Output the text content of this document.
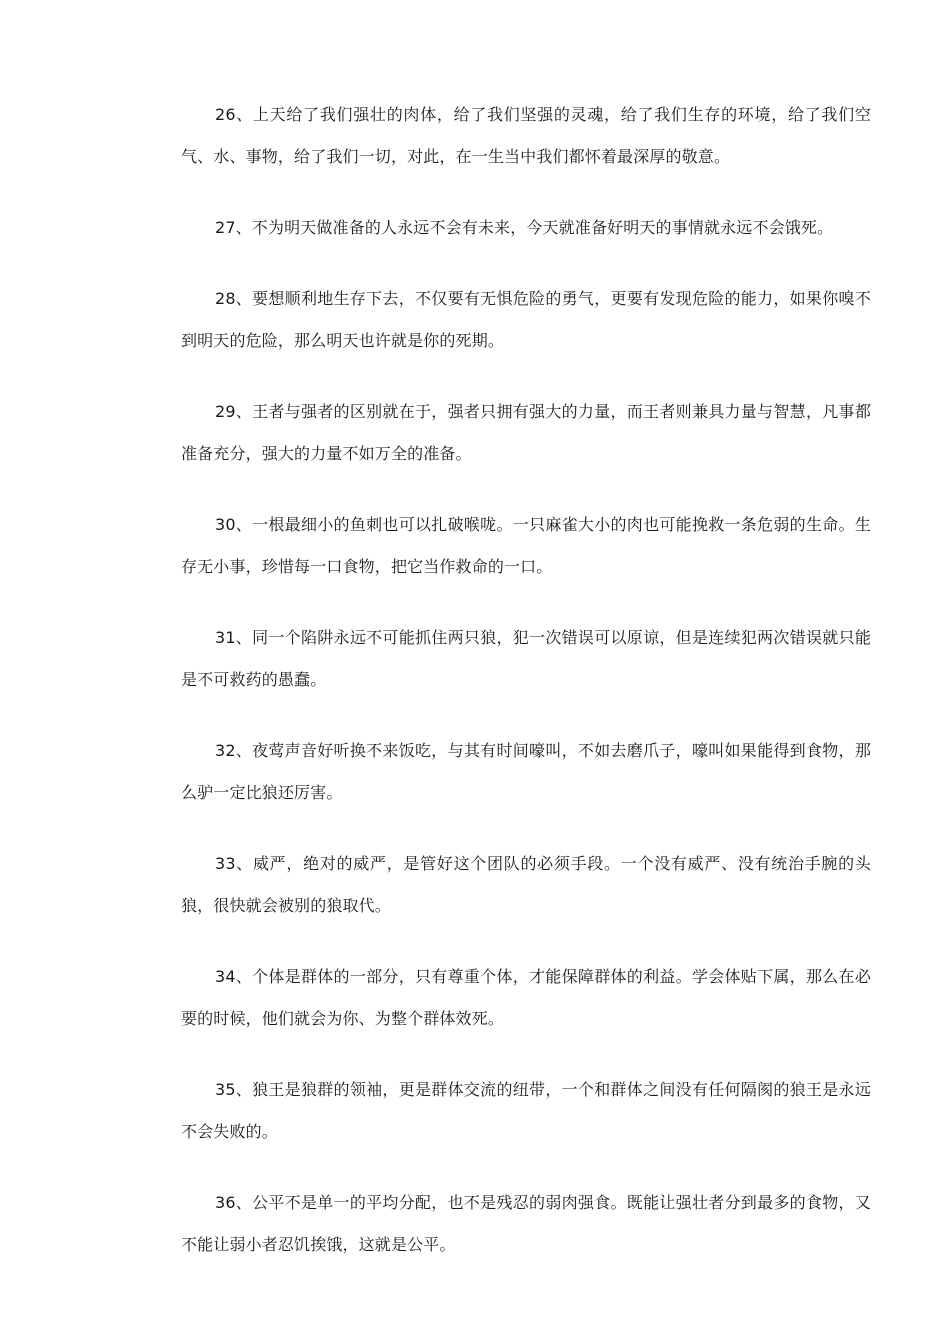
26、上天给了我们强壮的肉体，给了我们坚强的灵魂，给了我们生存的环境，给了我们空气、水、事物，给了我们一切，对此，在一生当中我们都怀着最深厚的敬意。

27、不为明天做准备的人永远不会有未来，今天就准备好明天的事情就永远不会饿死。

28、要想顺利地生存下去，不仅要有无惧危险的勇气，更要有发现危险的能力，如果你嗅不到明天的危险，那么明天也许就是你的死期。

29、王者与强者的区别就在于，强者只拥有强大的力量，而王者则兼具力量与智慧，凡事都准备充分，强大的力量不如万全的准备。

30、一根最细小的鱼刺也可以扎破喉咙。一只麻雀大小的肉也可能挽救一条危弱的生命。生存无小事，珍惜每一口食物，把它当作救命的一口。

31、同一个陷阱永远不可能抓住两只狼，犯一次错误可以原谅，但是连续犯两次错误就只能是不可救药的愚蠢。

32、夜莺声音好听换不来饭吃，与其有时间嚎叫，不如去磨爪子，嚎叫如果能得到食物，那么驴一定比狼还厉害。

33、威严，绝对的威严，是管好这个团队的必须手段。一个没有威严、没有统治手腕的头狼，很快就会被别的狼取代。

34、个体是群体的一部分，只有尊重个体，才能保障群体的利益。学会体贴下属，那么在必要的时候，他们就会为你、为整个群体效死。

35、狼王是狼群的领袖，更是群体交流的纽带，一个和群体之间没有任何隔阂的狼王是永远不会失败的。

36、公平不是单一的平均分配，也不是残忍的弱肉强食。既能让强壮者分到最多的食物，又不能让弱小者忍饥挨饿，这就是公平。
